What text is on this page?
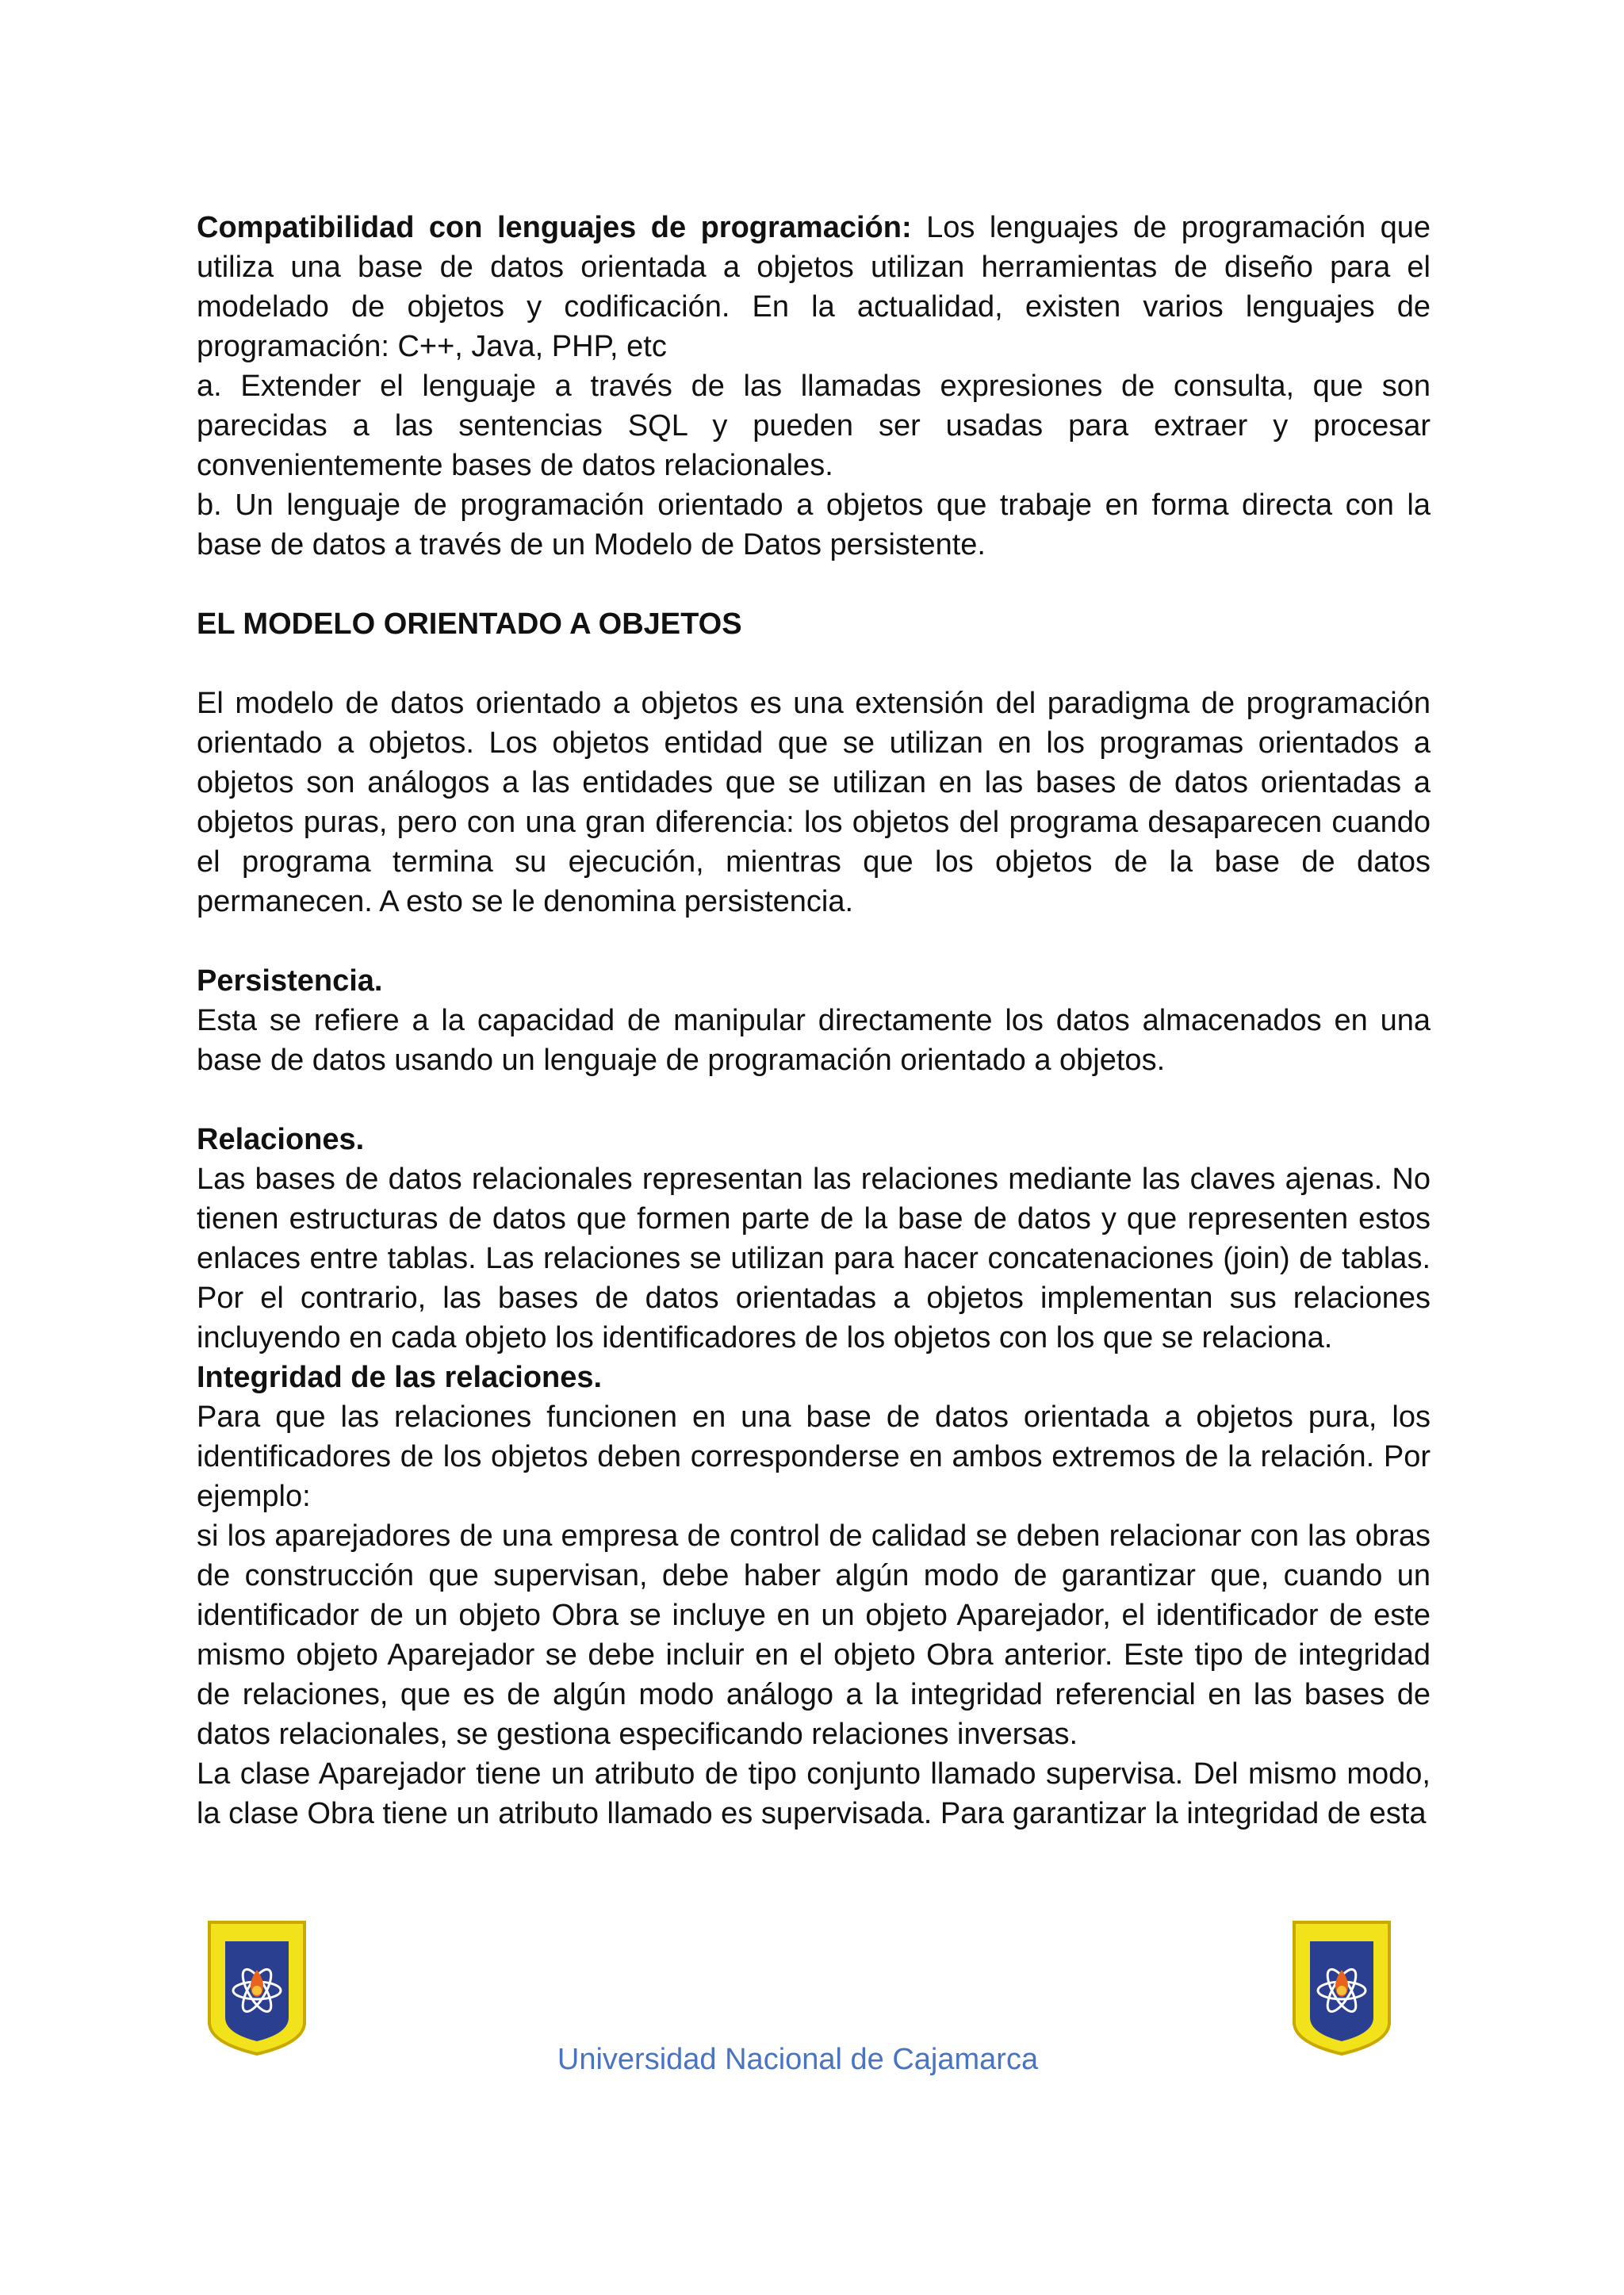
Compatibilidad con lenguajes de programación: Los lenguajes de programación que utiliza una base de datos orientada a objetos utilizan herramientas de diseño para el modelado de objetos y codificación. En la actualidad, existen varios lenguajes de programación: C++, Java, PHP, etc

a. Extender el lenguaje a través de las llamadas expresiones de consulta, que son parecidas a las sentencias SQL y pueden ser usadas para extraer y procesar convenientemente bases de datos relacionales.

b. Un lenguaje de programación orientado a objetos que trabaje en forma directa con la base de datos a través de un Modelo de Datos persistente.

EL MODELO ORIENTADO A OBJETOS

El modelo de datos orientado a objetos es una extensión del paradigma de programación orientado a objetos. Los objetos entidad que se utilizan en los programas orientados a objetos son análogos a las entidades que se utilizan en las bases de datos orientadas a objetos puras, pero con una gran diferencia: los objetos del programa desaparecen cuando el programa termina su ejecución, mientras que los objetos de la base de datos permanecen. A esto se le denomina persistencia.

Persistencia.

Esta se refiere a la capacidad de manipular directamente los datos almacenados en una base de datos usando un lenguaje de programación orientado a objetos.

Relaciones.

Las bases de datos relacionales representan las relaciones mediante las claves ajenas. No tienen estructuras de datos que formen parte de la base de datos y que representen estos enlaces entre tablas. Las relaciones se utilizan para hacer concatenaciones (join) de tablas. Por el contrario, las bases de datos orientadas a objetos implementan sus relaciones incluyendo en cada objeto los identificadores de los objetos con los que se relaciona.

Integridad de las relaciones.

Para que las relaciones funcionen en una base de datos orientada a objetos pura, los identificadores de los objetos deben corresponderse en ambos extremos de la relación. Por ejemplo:

si los aparejadores de una empresa de control de calidad se deben relacionar con las obras de construcción que supervisan, debe haber algún modo de garantizar que, cuando un identificador de un objeto Obra se incluye en un objeto Aparejador, el identificador de este mismo objeto Aparejador se debe incluir en el objeto Obra anterior. Este tipo de integridad de relaciones, que es de algún modo análogo a la integridad referencial en las bases de datos relacionales, se gestiona especificando relaciones inversas.

La clase Aparejador tiene un atributo de tipo conjunto llamado supervisa. Del mismo modo, la clase Obra tiene un atributo llamado es supervisada. Para garantizar la integridad de esta

Universidad Nacional de Cajamarca
